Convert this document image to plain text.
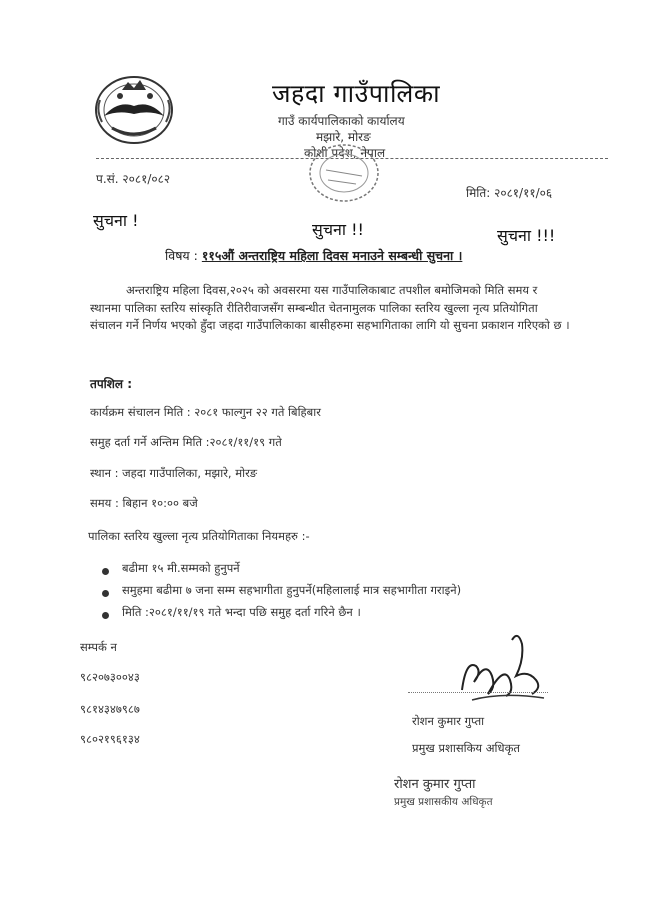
जहदा गाउँपालिका
गाउँ कार्यपालिकाको कार्यालय
मझारे, मोरङ
कोशी प्रदेश, नेपाल
प.सं. २०८१/०८२
मिति: २०८१/११/०६
सुचना !	सुचना !!	सुचना !!!
विषय : ११५औं अन्तराष्ट्रिय महिला दिवस मनाउने सम्बन्धी सुचना ।
अन्तराष्ट्रिय महिला दिवस,२०२५ को अवसरमा यस गाउँपालिकाबाट तपशील बमोजिमको मिति समय र स्थानमा पालिका स्तरिय सांस्कृति रीतिरीवाजसँग सम्बन्धीत चेतनामुलक पालिका स्तरिय खुल्ला नृत्य प्रतियोगिता संचालन गर्ने निर्णय भएको हुँदा जहदा गाउँपालिकाका बासीहरुमा सहभागिताका लागि यो सुचना प्रकाशन गरिएको छ ।
तपशिल :
कार्यक्रम संचालन मिति : २०८१ फाल्गुन २२ गते बिहिबार
समुह दर्ता गर्ने अन्तिम मिति :२०८१/११/१९ गते
स्थान : जहदा गाउँपालिका, मझारे, मोरङ
समय : बिहान १०:०० बजे
पालिका स्तरिय खुल्ला नृत्य प्रतियोगिताका नियमहरु :-
बढीमा १५ मी.सम्मको हुनुपर्ने
समुहमा बढीमा ७ जना सम्म सहभागीता हुनुपर्ने(महिलालाई मात्र सहभागीता गराइने)
मिति :२०८१/११/१९ गते भन्दा पछि समुह दर्ता गरिने छैन ।
सम्पर्क न
९८२०७३००४३
९८१४३४७९८७
९८०२१९६१३४
रोशन कुमार गुप्ता
प्रमुख प्रशासकिय अधिकृत
रोशन कुमार गुप्ता
प्रमुख प्रशासकीय अधिकृत
